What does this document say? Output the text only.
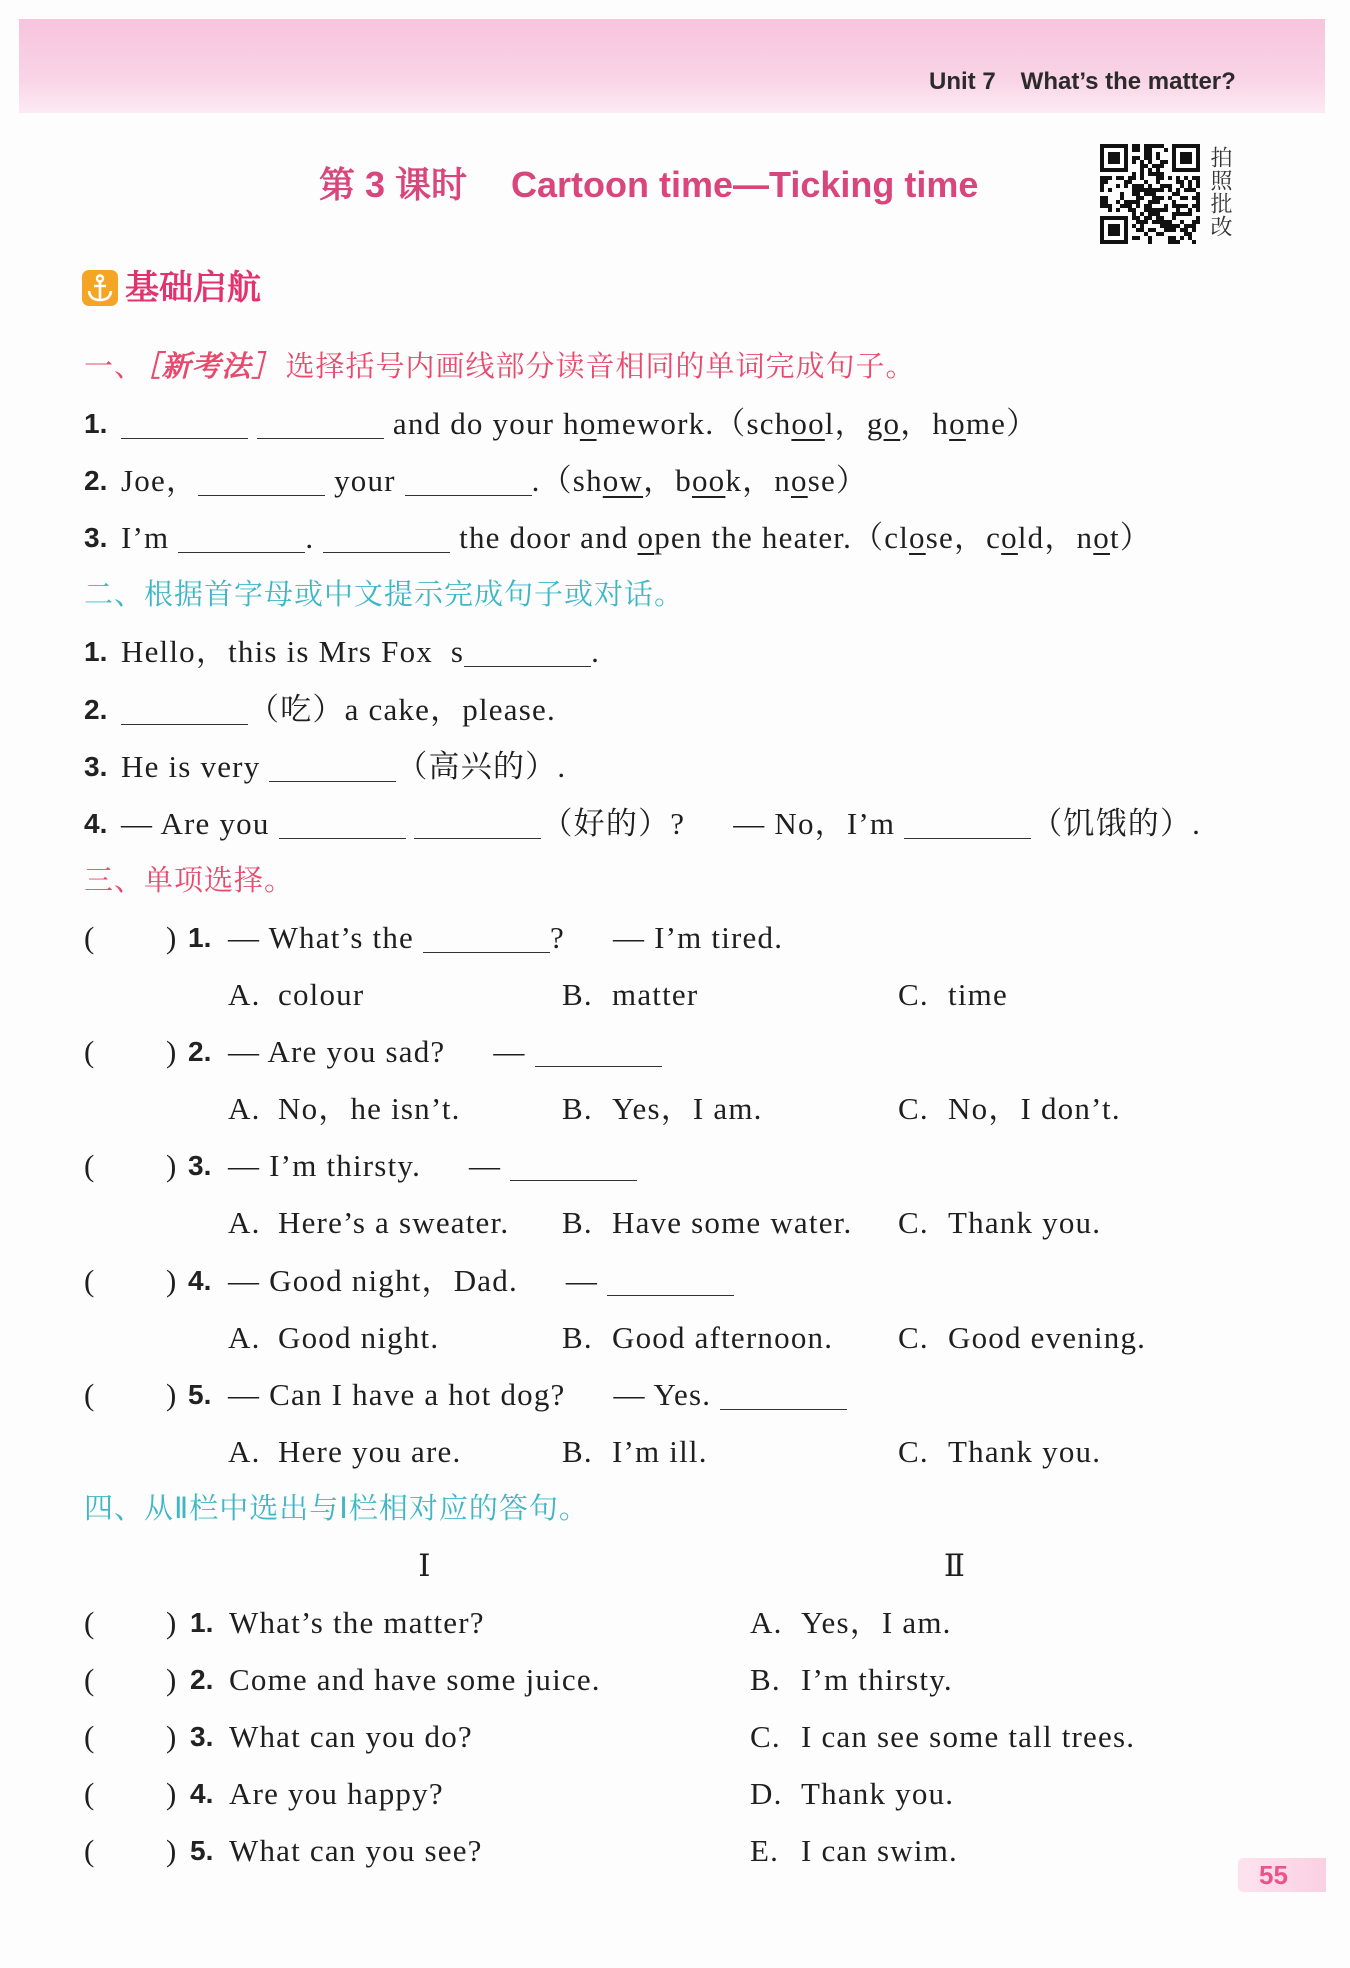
Unit 7 What’s the matter?
第 3 课时 Cartoon time—Ticking time	拍照批改
基础启航
一、［新考法］ 选择括号内画线部分读音相同的单词完成句子。
1.	and do your homework.（school，go，home）
2. Joe，	your	.（show，book，nose）
3. I’m	.	the door and open the heater.（close，cold，not）
二、根据首字母或中文提示完成句子或对话。
1. Hello，this is Mrs Fox  s	.
2.	（吃）a cake，please.
3. He is very	（高兴的）.
4. — Are you	（好的）? — No，I’m	（饥饿的）.
三、单项选择。
( ) 1. — What’s the	? — I’m tired.
A. colour	B. matter	C. time
( ) 2. — Are you sad? —
A. No，he isn’t.	B. Yes，I am.	C. No，I don’t.
( ) 3. — I’m thirsty. —
A. Here’s a sweater. B. Have some water. C. Thank you.
( ) 4. — Good night，Dad. —
A. Good night.	B. Good afternoon. C. Good evening.
( ) 5. — Can I have a hot dog? — Yes.
A. Here you are.	B. I’m ill.	C. Thank you.
四、从Ⅱ栏中选出与Ⅰ栏相对应的答句。
Ⅰ	Ⅱ
( ) 1. What’s the matter?	A. Yes，I am.
( ) 2. Come and have some juice.	B. I’m thirsty.
( ) 3. What can you do?	C. I can see some tall trees.
( ) 4. Are you happy?	D. Thank you.
( ) 5. What can you see?	E. I can swim.
55
